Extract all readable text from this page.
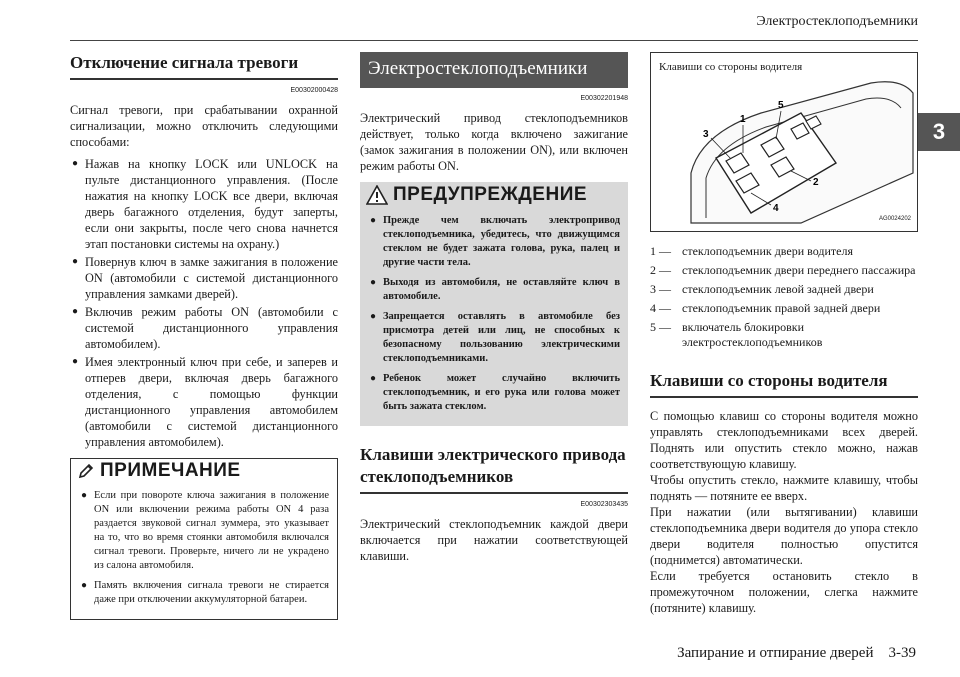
Электростеклоподъемники
3
Отключение сигнала тревоги
E00302000428

Сигнал тревоги, при срабатывании охранной сигнализации, можно отключить следующими способами:

● Нажав на кнопку LOCK или UNLOCK на пульте дистанционного управления. (После нажатия на кнопку LOCK все двери, включая дверь багажного отделения, будут заперты, если они закрыты, после чего снова начнется этап постановки системы на охрану.)
● Повернув ключ в замке зажигания в положение ON (автомобили с системой дистанционного управления замками дверей).
● Включив режим работы ON (автомобили с системой дистанционного управления автомобилем).
● Имея электронный ключ при себе, и заперев и отперев двери, включая дверь багажного отделения, с помощью функции дистанционного управления автомобилем (автомобили с системой дистанционного управления автомобилем).
ПРИМЕЧАНИЕ
● Если при повороте ключа зажигания в положение ON или включении режима работы ON 4 раза раздается звуковой сигнал зуммера, это указывает на то, что во время стоянки автомобиля включался сигнал тревоги. Проверьте, ничего ли не украдено из салона автомобиля.
● Память включения сигнала тревоги не стирается даже при отключении аккумуляторной батареи.
Электростеклоподъемники
E00302201948

Электрический привод стеклоподъемников действует, только когда включено зажигание (замок зажигания в положении ON), или включен режим работы ON.

ПРЕДУПРЕЖДЕНИЕ
● Прежде чем включать электропривод стеклоподъемника, убедитесь, что движущимся стеклом не будет зажата голова, рука, палец и другие части тела.
● Выходя из автомобиля, не оставляйте ключ в автомобиле.
● Запрещается оставлять в автомобиле без присмотра детей или лиц, не способных к безопасному пользованию электрическими стеклоподъемниками.
● Ребенок может случайно включить стеклоподъемник, и его рука или голова может быть зажата стеклом.
Клавиши электрического привода стеклоподъемников
E00302303435

Электрический стеклоподъемник каждой двери включается при нажатии соответствующей клавиши.

Клавиши со стороны водителя
1
2
3
4
5
AG0024202
1 — стеклоподъемник двери водителя
2 — стеклоподъемник двери переднего пассажира
3 — стеклоподъемник левой задней двери
4 — стеклоподъемник правой задней двери
5 — включатель блокировки электростеклоподъемников
Клавиши со стороны водителя

С помощью клавиш со стороны водителя можно управлять стеклоподъемниками всех дверей. Поднять или опустить стекло можно, нажав соответствующую клавишу.

Чтобы опустить стекло, нажмите клавишу, чтобы поднять — потяните ее вверх.

При нажатии (или вытягивании) клавиши стеклоподъемника двери водителя до упора стекло двери водителя полностью опустится (поднимется) автоматически.

Если требуется остановить стекло в промежуточном положении, слегка нажмите (потяните) клавишу.

Запирание и отпирание дверей    3-39
